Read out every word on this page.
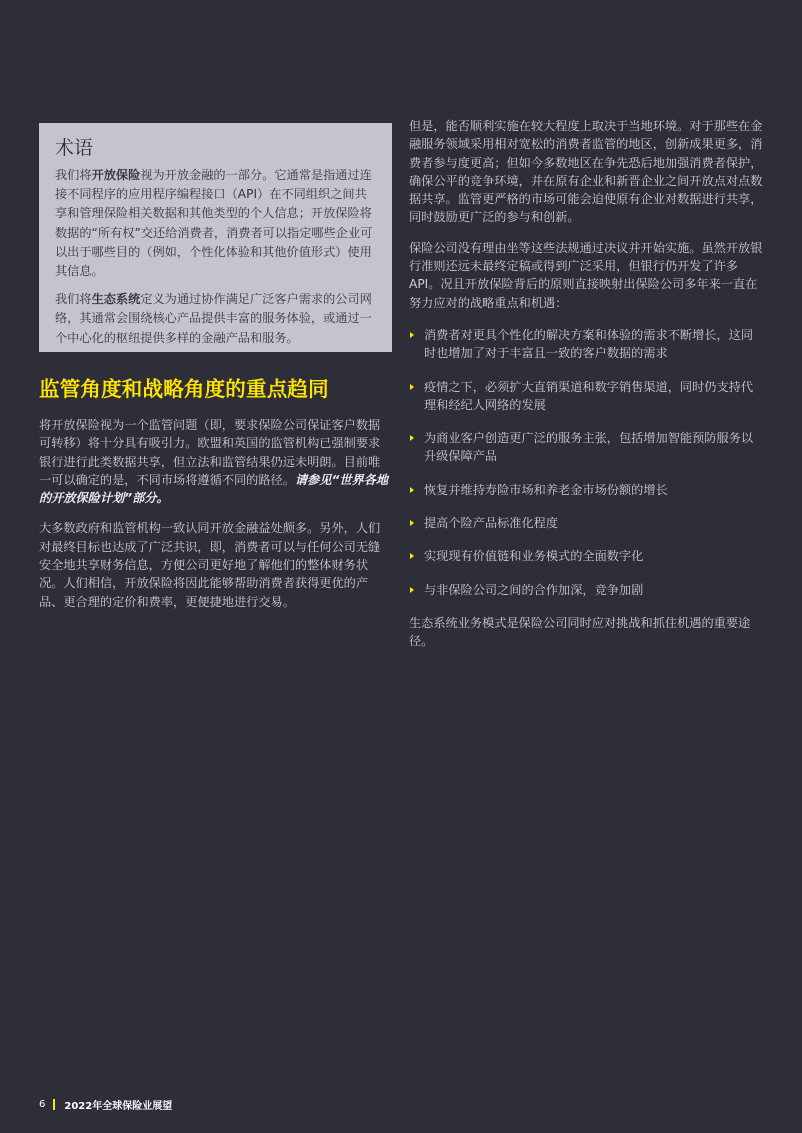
术语

我们将开放保险视为开放金融的一部分。它通常是指通过连接不同程序的应用程序编程接口（API）在不同组织之间共享和管理保险相关数据和其他类型的个人信息；开放保险将数据的“所有权”交还给消费者，消费者可以指定哪些企业可以出于哪些目的（例如，个性化体验和其他价值形式）使用其信息。

我们将生态系统定义为通过协作满足广泛客户需求的公司网络，其通常会围绕核心产品提供丰富的服务体验，或通过一个中心化的枢纽提供多样的金融产品和服务。

监管角度和战略角度的重点趋同

将开放保险视为一个监管问题（即，要求保险公司保证客户数据可转移）将十分具有吸引力。欧盟和英国的监管机构已强制要求银行进行此类数据共享，但立法和监管结果仍远未明朗。目前唯一可以确定的是，不同市场将遵循不同的路径。请参见“世界各地的开放保险计划”部分。

大多数政府和监管机构一致认同开放金融益处颇多。另外，人们对最终目标也达成了广泛共识，即，消费者可以与任何公司无缝安全地共享财务信息，方便公司更好地了解他们的整体财务状况。人们相信，开放保险将因此能够帮助消费者获得更优的产品、更合理的定价和费率，更便捷地进行交易。

但是，能否顺利实施在较大程度上取决于当地环境。对于那些在金融服务领域采用相对宽松的消费者监管的地区，创新成果更多，消费者参与度更高；但如今多数地区在争先恐后地加强消费者保护，确保公平的竞争环境，并在原有企业和新晋企业之间开放点对点数据共享。监管更严格的市场可能会迫使原有企业对数据进行共享，同时鼓励更广泛的参与和创新。

保险公司没有理由坐等这些法规通过决议并开始实施。虽然开放银行准则还远未最终定稿或得到广泛采用，但银行仍开发了许多API。况且开放保险背后的原则直接映射出保险公司多年来一直在努力应对的战略重点和机遇：

消费者对更具个性化的解决方案和体验的需求不断增长，这同时也增加了对于丰富且一致的客户数据的需求
疫情之下，必须扩大直销渠道和数字销售渠道，同时仍支持代理和经纪人网络的发展
为商业客户创造更广泛的服务主张，包括增加智能预防服务以升级保障产品
恢复并维持寿险市场和养老金市场份额的增长
提高个险产品标准化程度
实现现有价值链和业务模式的全面数字化
与非保险公司之间的合作加深，竞争加剧

生态系统业务模式是保险公司同时应对挑战和抓住机遇的重要途径。

6 2022年全球保险业展望
